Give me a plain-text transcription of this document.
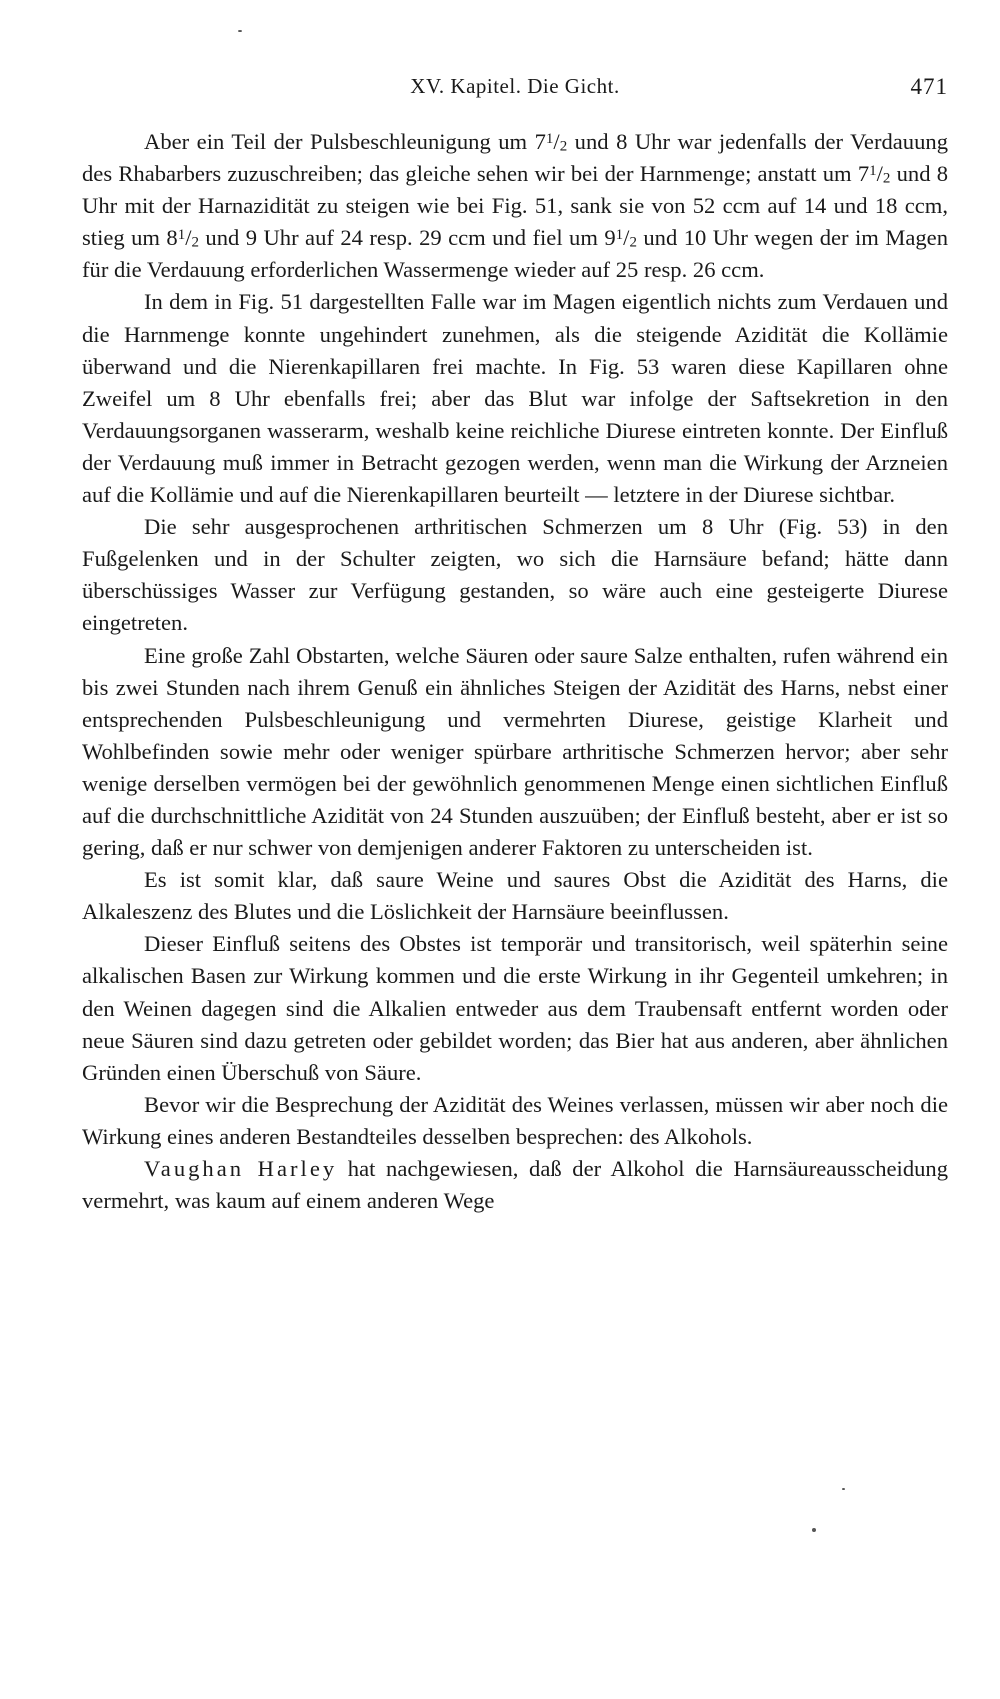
XV. Kapitel. Die Gicht.	471

Aber ein Teil der Pulsbeschleunigung um $7^1/2$ und 8 Uhr war jedenfalls der Verdauung des Rhabarbers zuzuschreiben; das gleiche sehen wir bei der Harnmenge; anstatt um $7^1/2$ und 8 Uhr mit der Harnazidität zu steigen wie bei Fig. 51, sank sie von 52 ccm auf 14 und 18 ccm, stieg um $8^1/2$ und 9 Uhr auf 24 resp. 29 ccm und fiel um $9^1/2$ und 10 Uhr wegen der im Magen für die Verdauung erforderlichen Wassermenge wieder auf 25 resp. 26 ccm.

In dem in Fig. 51 dargestellten Falle war im Magen eigentlich nichts zum Verdauen und die Harnmenge konnte ungehindert zunehmen, als die steigende Azidität die Kollämie überwand und die Nierenkapillaren frei machte. In Fig. 53 waren diese Kapillaren ohne Zweifel um 8 Uhr ebenfalls frei; aber das Blut war infolge der Saftsekretion in den Verdauungsorganen wasserarm, weshalb keine reichliche Diurese eintreten konnte. Der Einfluß der Verdauung muß immer in Betracht gezogen werden, wenn man die Wirkung der Arzneien auf die Kollämie und auf die Nierenkapillaren beurteilt — letztere in der Diurese sichtbar.

Die sehr ausgesprochenen arthritischen Schmerzen um 8 Uhr (Fig. 53) in den Fußgelenken und in der Schulter zeigten, wo sich die Harnsäure befand; hätte dann überschüssiges Wasser zur Verfügung gestanden, so wäre auch eine gesteigerte Diurese eingetreten.

Eine große Zahl Obstarten, welche Säuren oder saure Salze enthalten, rufen während ein bis zwei Stunden nach ihrem Genuß ein ähnliches Steigen der Azidität des Harns, nebst einer entsprechenden Pulsbeschleunigung und vermehrten Diurese, geistige Klarheit und Wohlbefinden sowie mehr oder weniger spürbare arthritische Schmerzen hervor; aber sehr wenige derselben vermögen bei der gewöhnlich genommenen Menge einen sichtlichen Einfluß auf die durchschnittliche Azidität von 24 Stunden auszuüben; der Einfluß besteht, aber er ist so gering, daß er nur schwer von demjenigen anderer Faktoren zu unterscheiden ist.

Es ist somit klar, daß saure Weine und saures Obst die Azidität des Harns, die Alkaleszenz des Blutes und die Löslichkeit der Harnsäure beeinflussen.

Dieser Einfluß seitens des Obstes ist temporär und transitorisch, weil späterhin seine alkalischen Basen zur Wirkung kommen und die erste Wirkung in ihr Gegenteil umkehren; in den Weinen dagegen sind die Alkalien entweder aus dem Traubensaft entfernt worden oder neue Säuren sind dazu getreten oder gebildet worden; das Bier hat aus anderen, aber ähnlichen Gründen einen Überschuß von Säure.

Bevor wir die Besprechung der Azidität des Weines verlassen, müssen wir aber noch die Wirkung eines anderen Bestandteiles desselben besprechen: des Alkohols.

Vaughan Harley hat nachgewiesen, daß der Alkohol die Harnsäureausscheidung vermehrt, was kaum auf einem anderen Wege
